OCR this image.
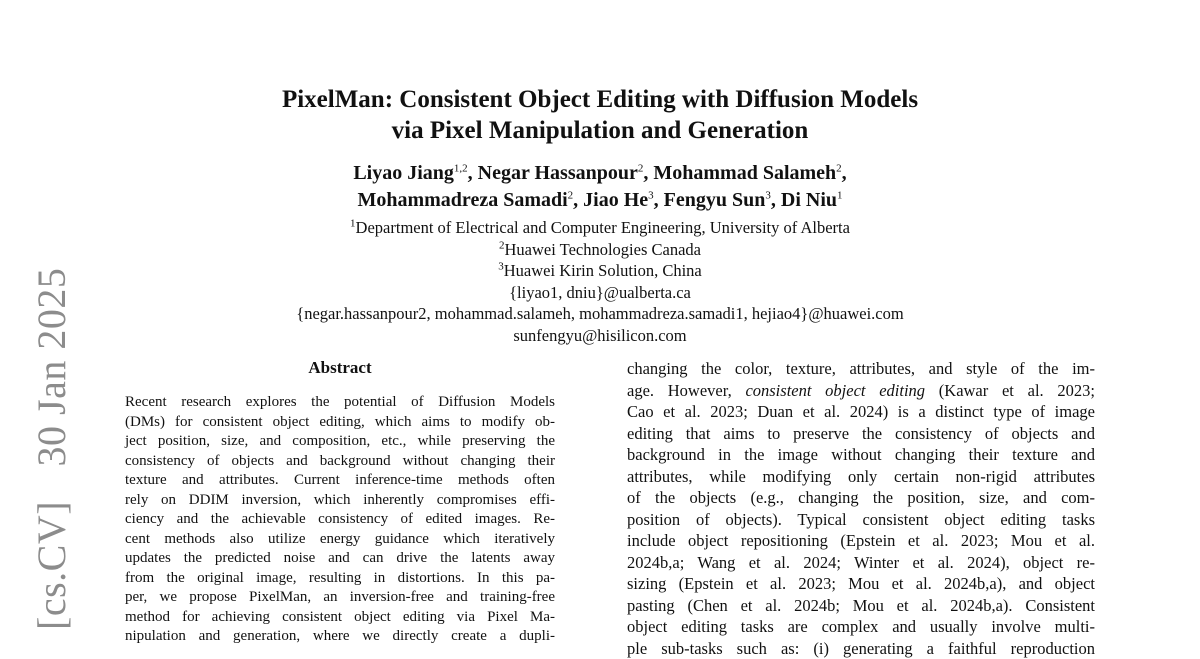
[cs.CV] 30 Jan 2025
PixelMan: Consistent Object Editing with Diffusion Models
via Pixel Manipulation and Generation
Liyao Jiang$^{1,2}$, Negar Hassanpour$^2$, Mohammad Salameh$^2$,
Mohammadreza Samadi$^2$, Jiao He$^3$, Fengyu Sun$^3$, Di Niu$^1$
$^1$Department of Electrical and Computer Engineering, University of Alberta
$^2$Huawei Technologies Canada
$^3$Huawei Kirin Solution, China
{liyao1, dniu}@ualberta.ca
{negar.hassanpour2, mohammad.salameh, mohammadreza.samadi1, hejiao4}@huawei.com
sunfengyu@hisilicon.com
Abstract
Recent research explores the potential of Diffusion Models
(DMs) for consistent object editing, which aims to modify ob-
ject position, size, and composition, etc., while preserving the
consistency of objects and background without changing their
texture and attributes. Current inference-time methods often
rely on DDIM inversion, which inherently compromises effi-
ciency and the achievable consistency of edited images. Re-
cent methods also utilize energy guidance which iteratively
updates the predicted noise and can drive the latents away
from the original image, resulting in distortions. In this pa-
per, we propose PixelMan, an inversion-free and training-free
method for achieving consistent object editing via Pixel Ma-
nipulation and generation, where we directly create a dupli-
changing the color, texture, attributes, and style of the im-
age. However, consistent object editing (Kawar et al. 2023;
Cao et al. 2023; Duan et al. 2024) is a distinct type of image
editing that aims to preserve the consistency of objects and
background in the image without changing their texture and
attributes, while modifying only certain non-rigid attributes
of the objects (e.g., changing the position, size, and com-
position of objects). Typical consistent object editing tasks
include object repositioning (Epstein et al. 2023; Mou et al.
2024b,a; Wang et al. 2024; Winter et al. 2024), object re-
sizing (Epstein et al. 2023; Mou et al. 2024b,a), and object
pasting (Chen et al. 2024b; Mou et al. 2024b,a). Consistent
object editing tasks are complex and usually involve multi-
ple sub-tasks such as: (i) generating a faithful reproduction
